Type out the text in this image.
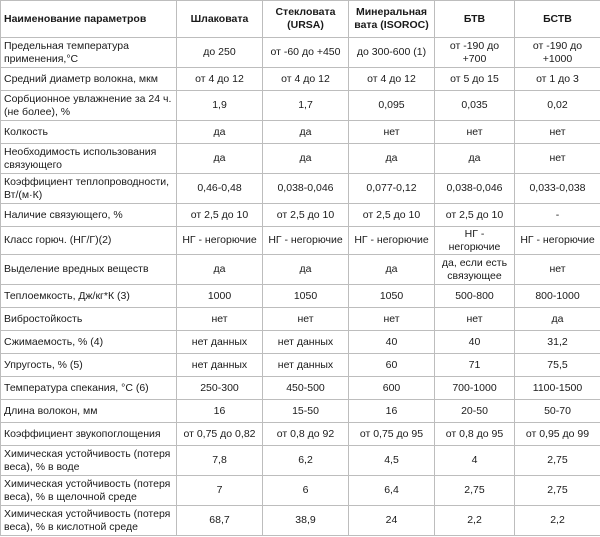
Наименование параметров	Шлаковата	Стекловата (URSA)	Минеральная вата (ISOROC)	БТВ	БСТВ
Предельная температура применения,°С	до 250	от -60 до +450	до 300-600 (1)	от -190 до +700	от -190 до +1000
Средний диаметр волокна, мкм	от 4 до 12	от 4 до 12	от 4 до 12	от 5 до 15	от 1 до 3
Сорбционное увлажнение за 24 ч. (не более), %	1,9	1,7	0,095	0,035	0,02
Колкость	да	да	нет	нет	нет
Необходимость использования связующего	да	да	да	да	нет
Коэффициент теплопроводности, Вт/(м·К)	0,46-0,48	0,038-0,046	0,077-0,12	0,038-0,046	0,033-0,038
Наличие связующего, %	от 2,5 до 10	от 2,5 до 10	от 2,5 до 10	от 2,5 до 10	-
Класс горюч. (НГ/Г)(2)	НГ - негорючие	НГ - негорючие	НГ - негорючие	НГ - негорючие	НГ - негорючие
Выделение вредных веществ	да	да	да	да, если есть связующее	нет
Теплоемкость, Дж/кг*К (3)	1000	1050	1050	500-800	800-1000
Вибростойкость	нет	нет	нет	нет	да
Сжимаемость, % (4)	нет данных	нет данных	40	40	31,2
Упругость, % (5)	нет данных	нет данных	60	71	75,5
Температура спекания, °С (6)	250-300	450-500	600	700-1000	1100-1500
Длина волокон, мм	16	15-50	16	20-50	50-70
Коэффициент звукопоглощения	от 0,75 до 0,82	от 0,8 до 92	от 0,75 до 95	от 0,8 до 95	от 0,95 до 99
Химическая устойчивость (потеря веса), % в воде	7,8	6,2	4,5	4	2,75
Химическая устойчивость (потеря веса), % в щелочной среде	7	6	6,4	2,75	2,75
Химическая устойчивость (потеря веса), % в кислотной среде	68,7	38,9	24	2,2	2,2
